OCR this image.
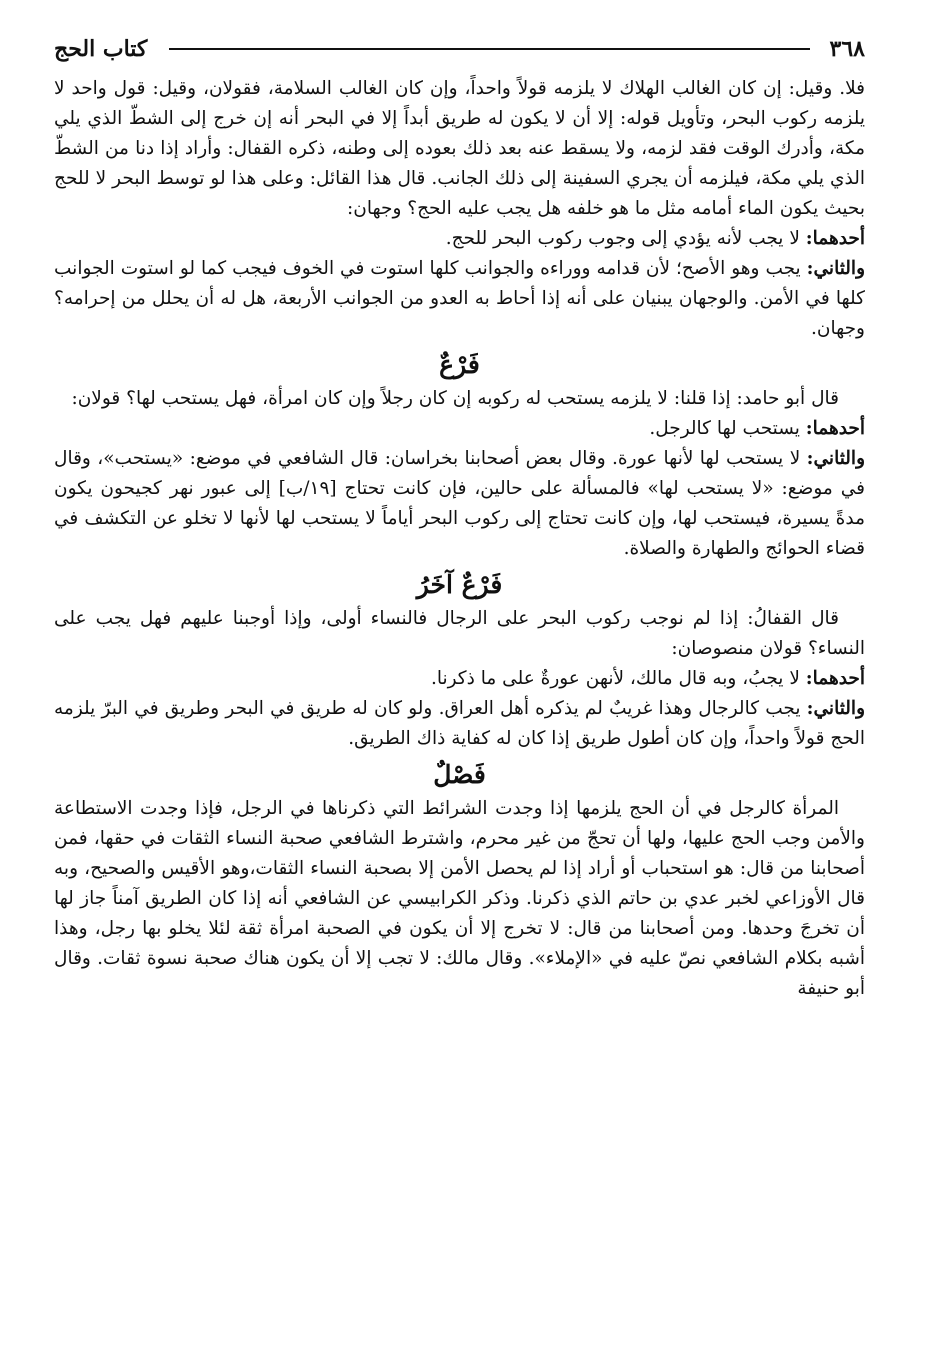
٣٦٨
كتاب الحج

فلا. وقيل: إن كان الغالب الهلاك لا يلزمه قولاً واحداً، وإن كان الغالب السلامة، فقولان، وقيل: قول واحد لا يلزمه ركوب البحر، وتأويل قوله: إلا أن لا يكون له طريق أبداً إلا في البحر أنه إن خرج إلى الشطّ الذي يلي مكة، وأدرك الوقت فقد لزمه، ولا يسقط عنه بعد ذلك بعوده إلى وطنه، ذكره القفال: وأراد إذا دنا من الشطّ الذي يلي مكة، فيلزمه أن يجري السفينة إلى ذلك الجانب. قال هذا القائل: وعلى هذا لو توسط البحر لا للحج بحيث يكون الماء أمامه مثل ما هو خلفه هل يجب عليه الحج؟ وجهان:

أحدهما: لا يجب لأنه يؤدي إلى وجوب ركوب البحر للحج.

والثاني: يجب وهو الأصح؛ لأن قدامه ووراءه والجوانب كلها استوت في الخوف فيجب كما لو استوت الجوانب كلها في الأمن. والوجهان يبنيان على أنه إذا أحاط به العدو من الجوانب الأربعة، هل له أن يحلل من إحرامه؟ وجهان.

فَرْعٌ

قال أبو حامد: إذا قلنا: لا يلزمه يستحب له ركوبه إن كان رجلاً وإن كان امرأة، فهل يستحب لها؟ قولان:

أحدهما: يستحب لها كالرجل.

والثاني: لا يستحب لها لأنها عورة. وقال بعض أصحابنا بخراسان: قال الشافعي في موضع: «يستحب»، وقال في موضع: «لا يستحب لها» فالمسألة على حالين، فإن كانت تحتاج [١٩/ب] إلى عبور نهر كجيحون يكون مدةً يسيرة، فيستحب لها، وإن كانت تحتاج إلى ركوب البحر أياماً لا يستحب لها لأنها لا تخلو عن التكشف في قضاء الحوائج والطهارة والصلاة.

فَرْعٌ آخَرُ

قال القفالُ: إذا لم نوجب ركوب البحر على الرجال فالنساء أولى، وإذا أوجبنا عليهم فهل يجب على النساء؟ قولان منصوصان:

أحدهما: لا يجبُ، وبه قال مالك، لأنهن عورةٌ على ما ذكرنا.

والثاني: يجب كالرجال وهذا غريبٌ لم يذكره أهل العراق. ولو كان له طريق في البحر وطريق في البرّ يلزمه الحج قولاً واحداً، وإن كان أطول طريق إذا كان له كفاية ذاك الطريق.

فَصْلٌ

المرأة كالرجل في أن الحج يلزمها إذا وجدت الشرائط التي ذكرناها في الرجل، فإذا وجدت الاستطاعة والأمن وجب الحج عليها، ولها أن تحجّ من غير محرم، واشترط الشافعي صحبة النساء الثقات في حقها، فمن أصحابنا من قال: هو استحباب أو أراد إذا لم يحصل الأمن إلا بصحبة النساء الثقات،وهو الأقيس والصحيح، وبه قال الأوزاعي لخبر عدي بن حاتم الذي ذكرنا. وذكر الكرابيسي عن الشافعي أنه إذا كان الطريق آمناً جاز لها أن تخرجَ وحدها. ومن أصحابنا من قال: لا تخرج إلا أن يكون في الصحبة امرأة ثقة لئلا يخلو بها رجل، وهذا أشبه بكلام الشافعي نصّ عليه في «الإملاء». وقال مالك: لا تجب إلا أن يكون هناك صحبة نسوة ثقات. وقال أبو حنيفة
